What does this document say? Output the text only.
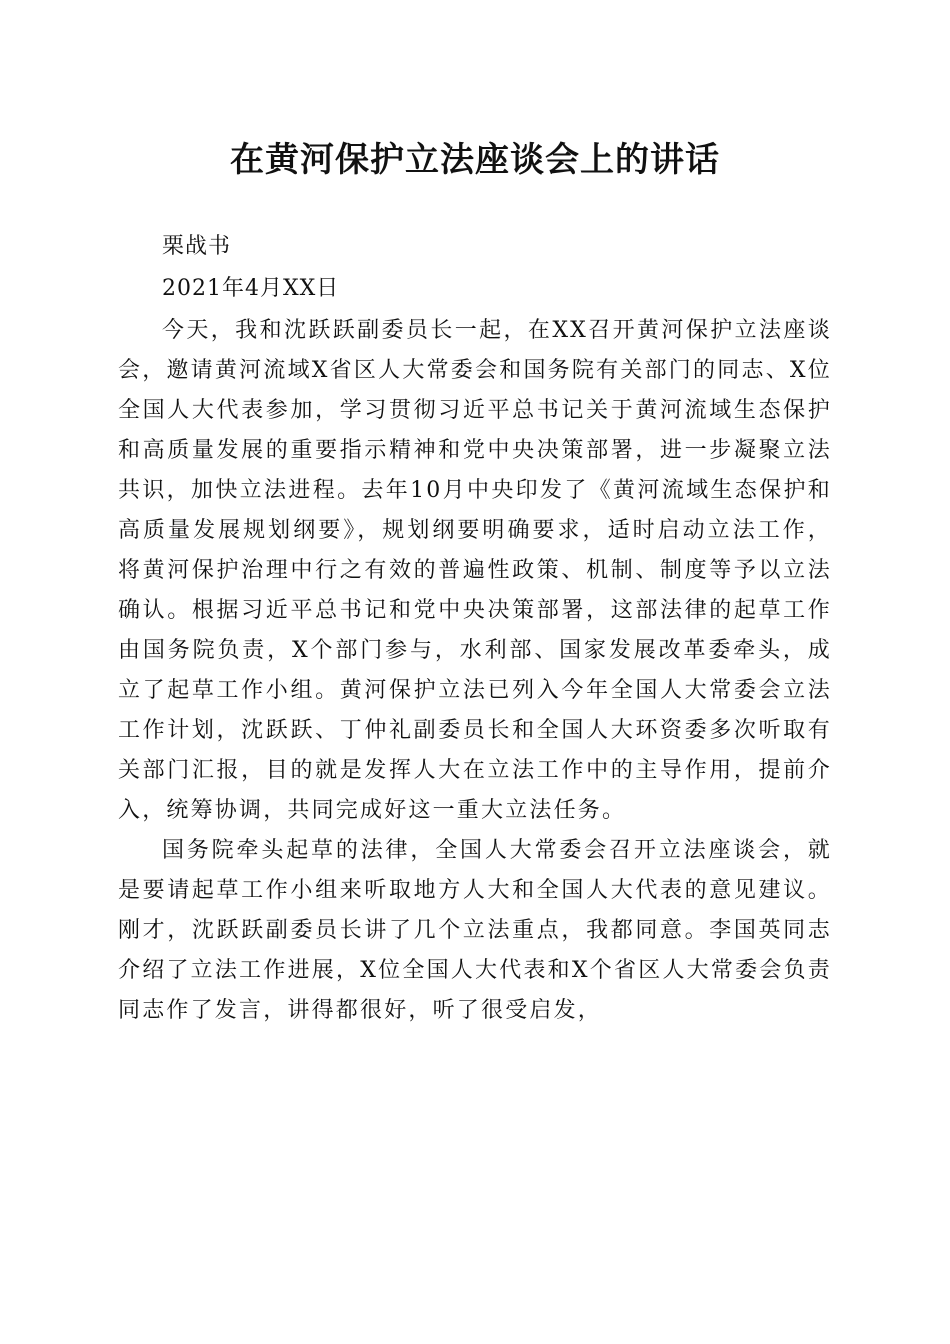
在黄河保护立法座谈会上的讲话

栗战书

2021年4月XX日

今天，我和沈跃跃副委员长一起，在XX召开黄河保护立法座谈会，邀请黄河流域X省区人大常委会和国务院有关部门的同志、X位全国人大代表参加，学习贯彻习近平总书记关于黄河流域生态保护和高质量发展的重要指示精神和党中央决策部署，进一步凝聚立法共识，加快立法进程。去年10月中央印发了《黄河流域生态保护和高质量发展规划纲要》，规划纲要明确要求，适时启动立法工作，将黄河保护治理中行之有效的普遍性政策、机制、制度等予以立法确认。根据习近平总书记和党中央决策部署，这部法律的起草工作由国务院负责，X个部门参与，水利部、国家发展改革委牵头，成立了起草工作小组。黄河保护立法已列入今年全国人大常委会立法工作计划，沈跃跃、丁仲礼副委员长和全国人大环资委多次听取有关部门汇报，目的就是发挥人大在立法工作中的主导作用，提前介入，统筹协调，共同完成好这一重大立法任务。

国务院牵头起草的法律，全国人大常委会召开立法座谈会，就是要请起草工作小组来听取地方人大和全国人大代表的意见建议。刚才，沈跃跃副委员长讲了几个立法重点，我都同意。李国英同志介绍了立法工作进展，X位全国人大代表和X个省区人大常委会负责同志作了发言，讲得都很好，听了很受启发，
